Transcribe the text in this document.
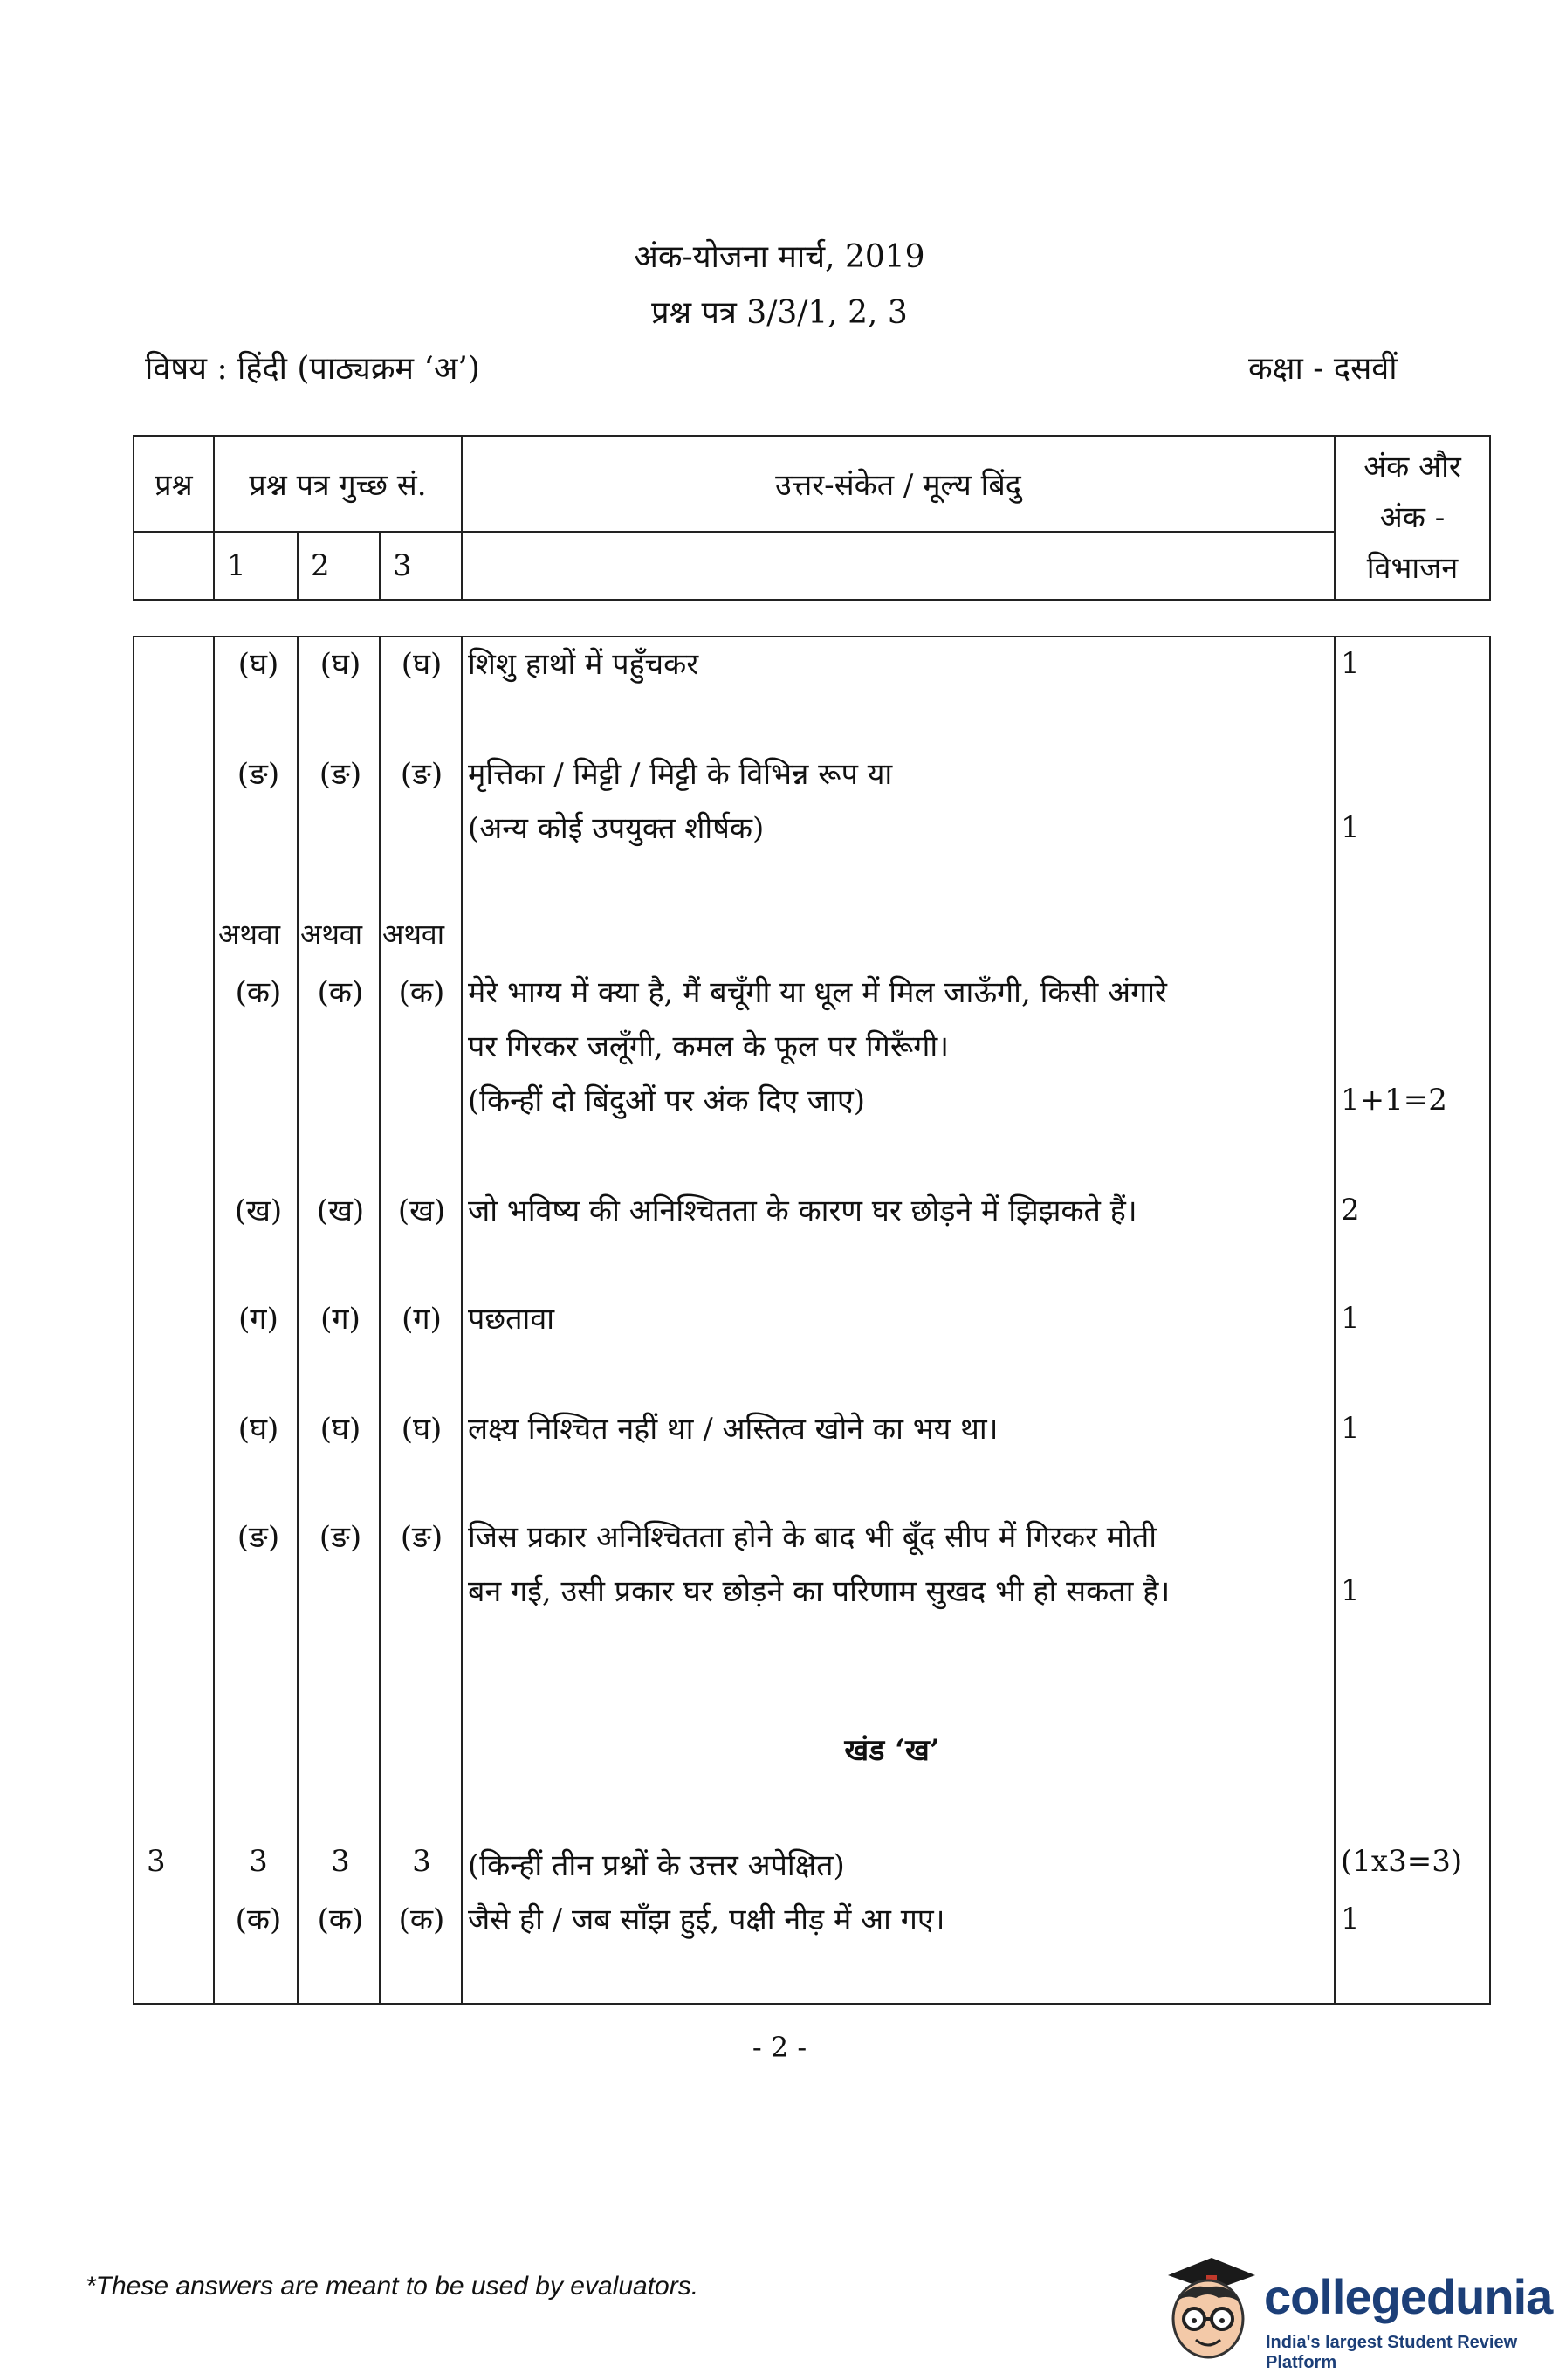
अंक-योजना मार्च, 2019
प्रश्न पत्र 3/3/1, 2, 3
विषय : हिंदी (पाठ्यक्रम ‘अ’)	कक्षा - दसवीं
प्रश्न	प्रश्न पत्र गुच्छ सं.			उत्तर-संकेत / मूल्य बिंदु	अंक और
अंक -
विभाजन

	1	2	3		

(घ)	(घ)	(घ) शिशु हाथों में पहुँचकर	1
(ङ)	(ङ)	(ङ) मृत्तिका / मिट्टी / मिट्टी के विभिन्न रूप या
(अन्य कोई उपयुक्त शीर्षक)	1
अथवा अथवा अथवा
(क)	(क)	(क) मेरे भाग्य में क्या है, मैं बचूँगी या धूल में मिल जाऊँगी, किसी अंगारे
पर गिरकर जलूँगी, कमल के फूल पर गिरूँगी।
(किन्हीं दो बिंदुओं पर अंक दिए जाए)	1+1=2
(ख)	(ख)	(ख) जो भविष्य की अनिश्चितता के कारण घर छोड़ने में झिझकते हैं।	2
(ग)	(ग)	(ग) पछतावा	1
(घ)	(घ)	(घ) लक्ष्य निश्चित नहीं था / अस्तित्व खोने का भय था।	1
(ङ)	(ङ)	(ङ) जिस प्रकार अनिश्चितता होने के बाद भी बूँद सीप में गिरकर मोती
बन गई, उसी प्रकार घर छोड़ने का परिणाम सुखद भी हो सकता है।	1
खंड ‘ख’
3	3	3	3	(किन्हीं तीन प्रश्नों के उत्तर अपेक्षित)	(1x3=3)
(क)	(क)	(क) जैसे ही / जब साँझ हुई, पक्षी नीड़ में आ गए।	1
- 2 -
*These answers are meant to be used by evaluators.	collegedunia
India's largest Student Review Platform
